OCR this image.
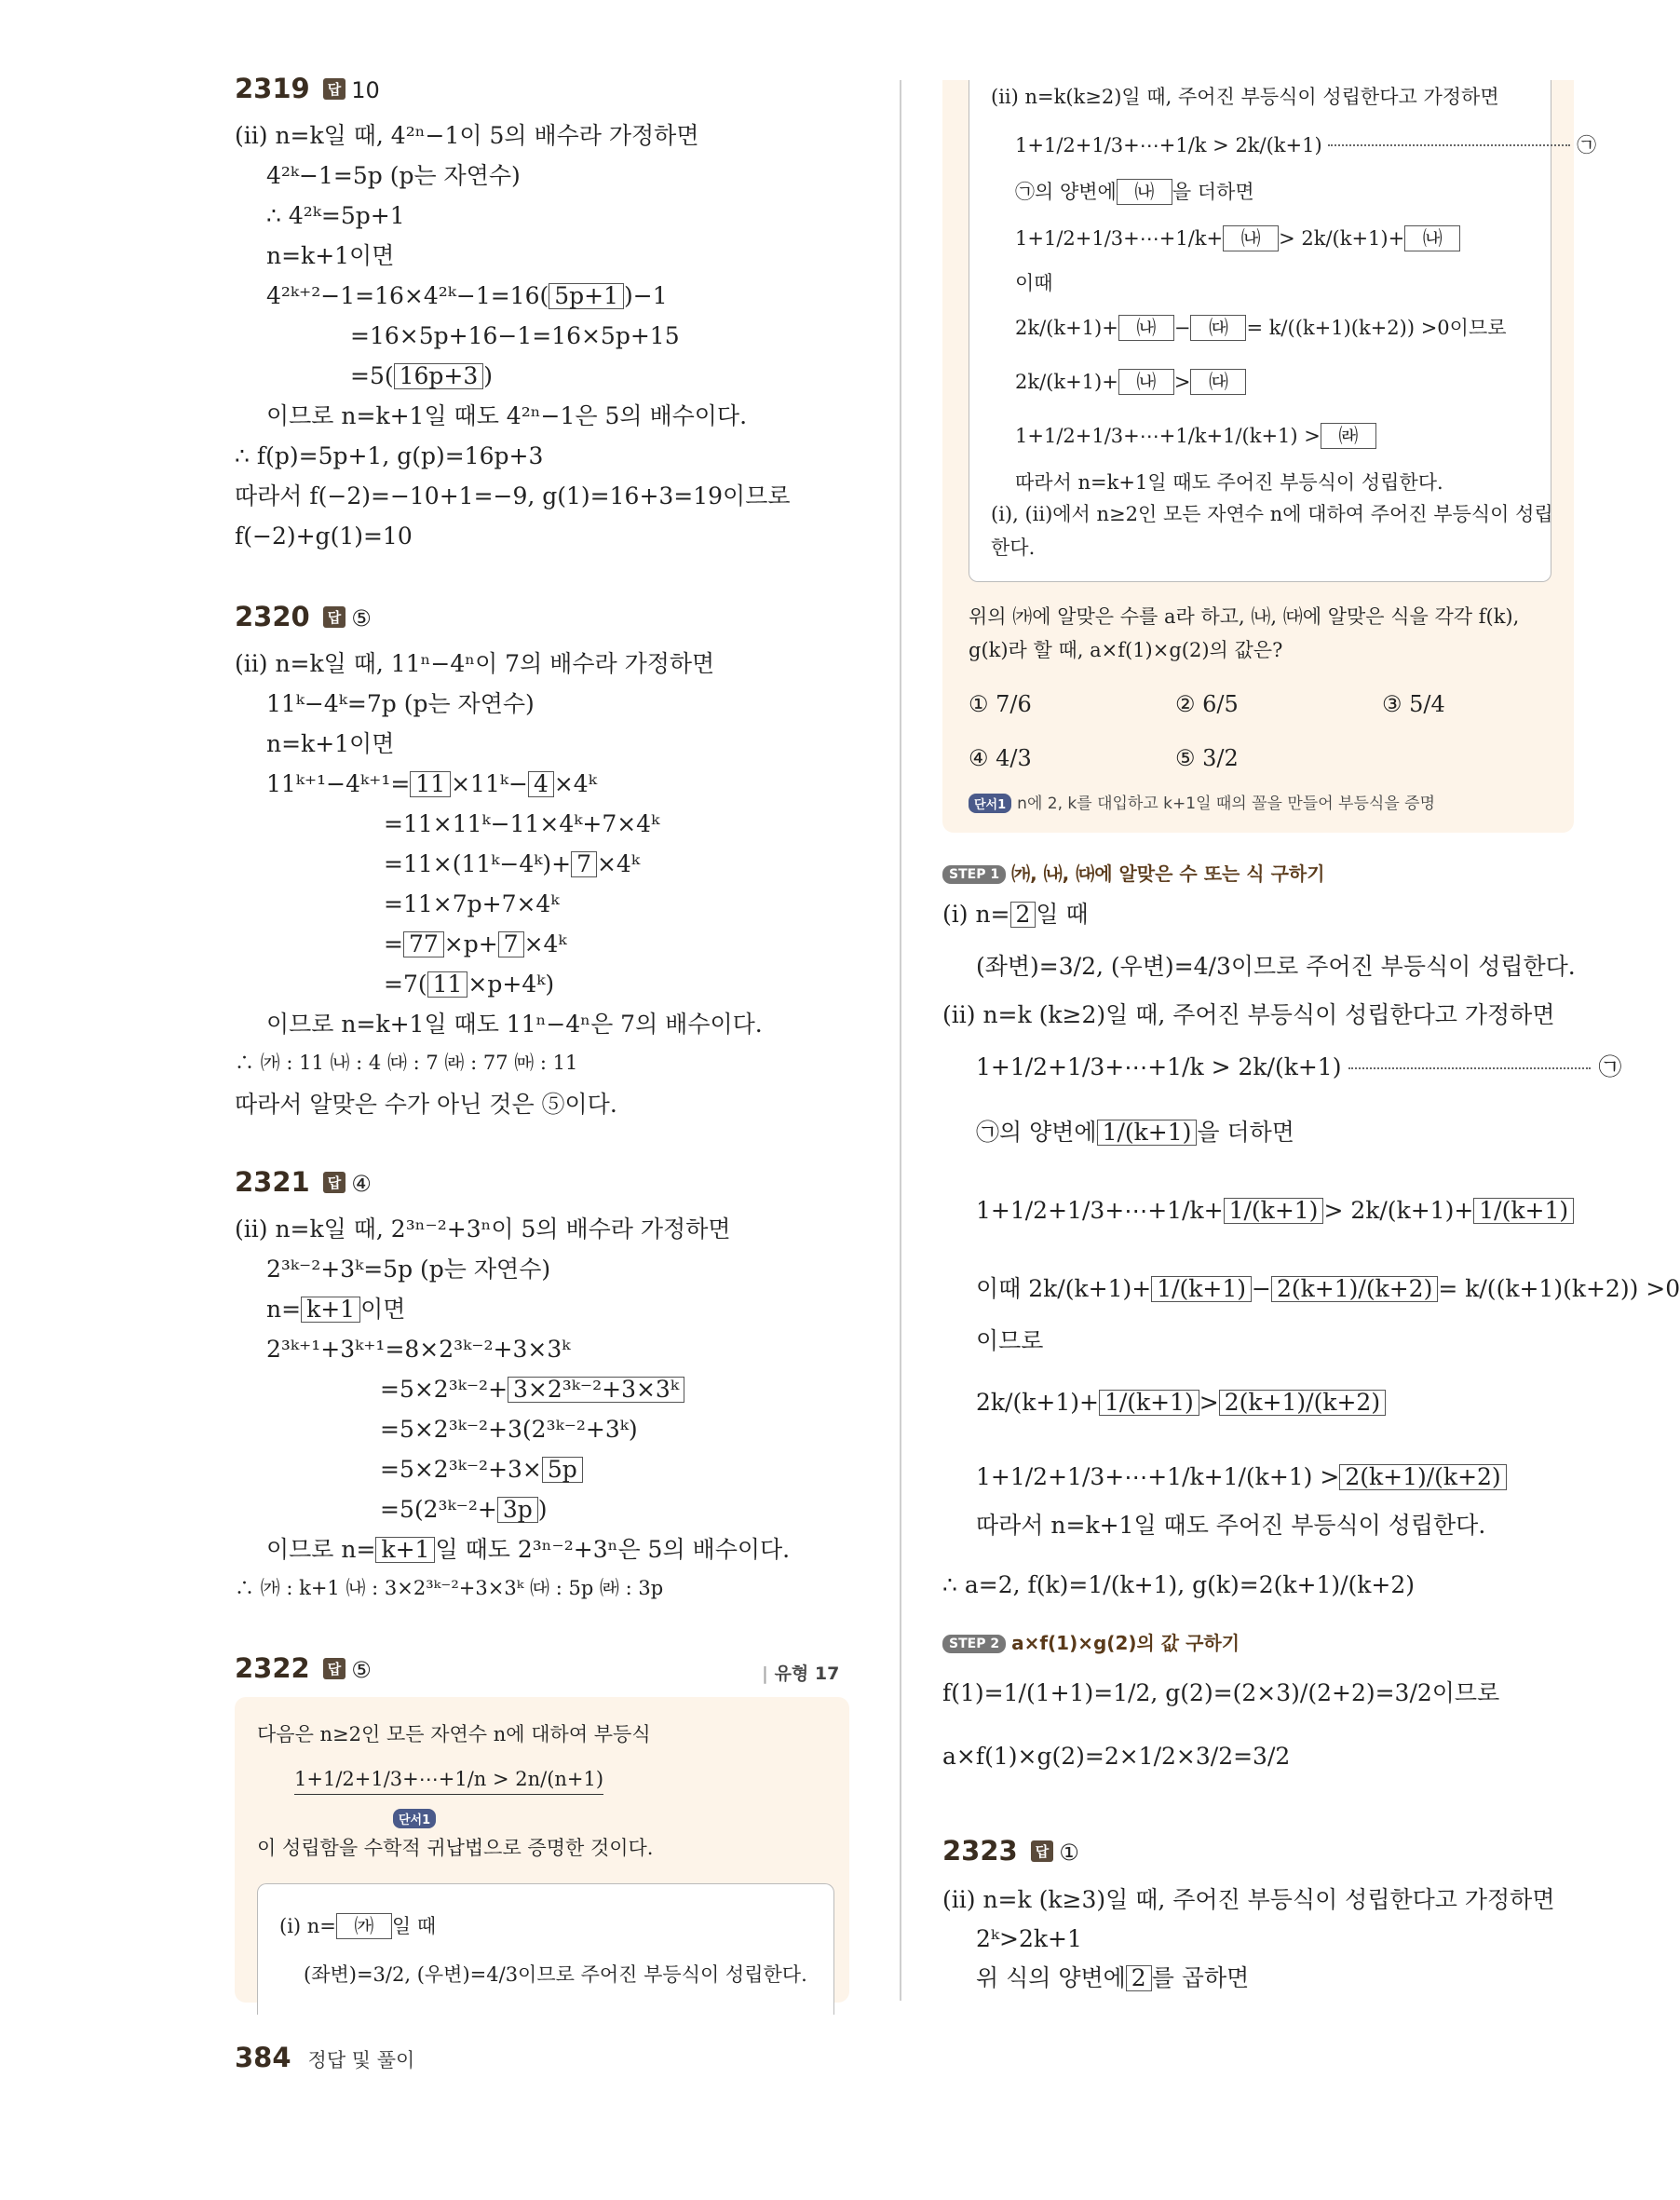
2319 답 10
(ii) n=k일 때, 4²ⁿ−1이 5의 배수라 가정하면
4²ᵏ−1=5p (p는 자연수)
∴ 4²ᵏ=5p+1
n=k+1이면
4²ᵏ⁺²−1=16×4²ᵏ−1=16( 5p+1 )−1
=16×5p+16−1=16×5p+15
=5( 16p+3 )
이므로 n=k+1일 때도 4²ⁿ−1은 5의 배수이다.
∴ f(p)=5p+1, g(p)=16p+3
따라서 f(−2)=−10+1=−9, g(1)=16+3=19이므로
f(−2)+g(1)=10
2320 답 ⑤
(ii) n=k일 때, 11ⁿ−4ⁿ이 7의 배수라 가정하면
11ᵏ−4ᵏ=7p (p는 자연수)
n=k+1이면
11ᵏ⁺¹−4ᵏ⁺¹= 11 ×11ᵏ− 4 ×4ᵏ
=11×11ᵏ−11×4ᵏ+7×4ᵏ
=11×(11ᵏ−4ᵏ)+ 7 ×4ᵏ
=11×7p+7×4ᵏ
= 77 ×p+ 7 ×4ᵏ
=7( 11 ×p+4ᵏ)
이므로 n=k+1일 때도 11ⁿ−4ⁿ은 7의 배수이다.
∴ ㈎ : 11 ㈏ : 4 ㈐ : 7 ㈑ : 77 ㈒ : 11
따라서 알맞은 수가 아닌 것은 ⑤이다.
2321 답 ④
(ii) n=k일 때, 2³ⁿ⁻²+3ⁿ이 5의 배수라 가정하면
2³ᵏ⁻²+3ᵏ=5p (p는 자연수)
n= k+1 이면
2³ᵏ⁺¹+3ᵏ⁺¹=8×2³ᵏ⁻²+3×3ᵏ
=5×2³ᵏ⁻²+ 3×2³ᵏ⁻²+3×3ᵏ
=5×2³ᵏ⁻²+3(2³ᵏ⁻²+3ᵏ)
=5×2³ᵏ⁻²+3× 5p
=5(2³ᵏ⁻²+ 3p )
이므로 n= k+1 일 때도 2³ⁿ⁻²+3ⁿ은 5의 배수이다.
∴ ㈎ : k+1 ㈏ : 3×2³ᵏ⁻²+3×3ᵏ ㈐ : 5p ㈑ : 3p
2322 답 ⑤	| 유형 17
다음은 n≥2인 모든 자연수 n에 대하여 부등식
1+1/2+1/3+⋯+1/n > 2n/(n+1)
단서1
이 성립함을 수학적 귀납법으로 증명한 것이다.
(i) n= ㈎ 일 때
(좌변)=3/2, (우변)=4/3이므로 주어진 부등식이 성립한다.
384 정답 및 풀이
(ii) n=k(k≥2)일 때, 주어진 부등식이 성립한다고 가정하면
1+1/2+1/3+⋯+1/k > 2k/(k+1)	㉠
㉠의 양변에 ㈏ 을 더하면
1+1/2+1/3+⋯+1/k+ ㈏ > 2k/(k+1)+ ㈏
이때
2k/(k+1)+ ㈏ − ㈐ = k/((k+1)(k+2)) >0이므로
2k/(k+1)+ ㈏ > ㈐
1+1/2+1/3+⋯+1/k+1/(k+1) > ㈑
따라서 n=k+1일 때도 주어진 부등식이 성립한다.
(i), (ii)에서 n≥2인 모든 자연수 n에 대하여 주어진 부등식이 성립
한다.
위의 ㈎에 알맞은 수를 a라 하고, ㈏, ㈐에 알맞은 식을 각각 f(k),
g(k)라 할 때, a×f(1)×g(2)의 값은?
① 7/6	② 6/5	③ 5/4
④ 4/3	⑤ 3/2
단서1 n에 2, k를 대입하고 k+1일 때의 꼴을 만들어 부등식을 증명
STEP 1 ㈎, ㈏, ㈐에 알맞은 수 또는 식 구하기
(i) n= 2 일 때
(좌변)=3/2, (우변)=4/3이므로 주어진 부등식이 성립한다.
(ii) n=k (k≥2)일 때, 주어진 부등식이 성립한다고 가정하면
1+1/2+1/3+⋯+1/k > 2k/(k+1)	㉠
㉠의 양변에 1/(k+1) 을 더하면
1+1/2+1/3+⋯+1/k+ 1/(k+1) > 2k/(k+1)+ 1/(k+1)
이때 2k/(k+1)+ 1/(k+1) − 2(k+1)/(k+2) = k/((k+1)(k+2)) >0
이므로
2k/(k+1)+ 1/(k+1) > 2(k+1)/(k+2)
1+1/2+1/3+⋯+1/k+1/(k+1) > 2(k+1)/(k+2)
따라서 n=k+1일 때도 주어진 부등식이 성립한다.
∴ a=2, f(k)=1/(k+1), g(k)=2(k+1)/(k+2)
STEP 2 a×f(1)×g(2)의 값 구하기
f(1)=1/(1+1)=1/2, g(2)=(2×3)/(2+2)=3/2이므로
a×f(1)×g(2)=2×1/2×3/2=3/2
2323 답 ①
(ii) n=k (k≥3)일 때, 주어진 부등식이 성립한다고 가정하면
2ᵏ>2k+1
위 식의 양변에 2 를 곱하면
